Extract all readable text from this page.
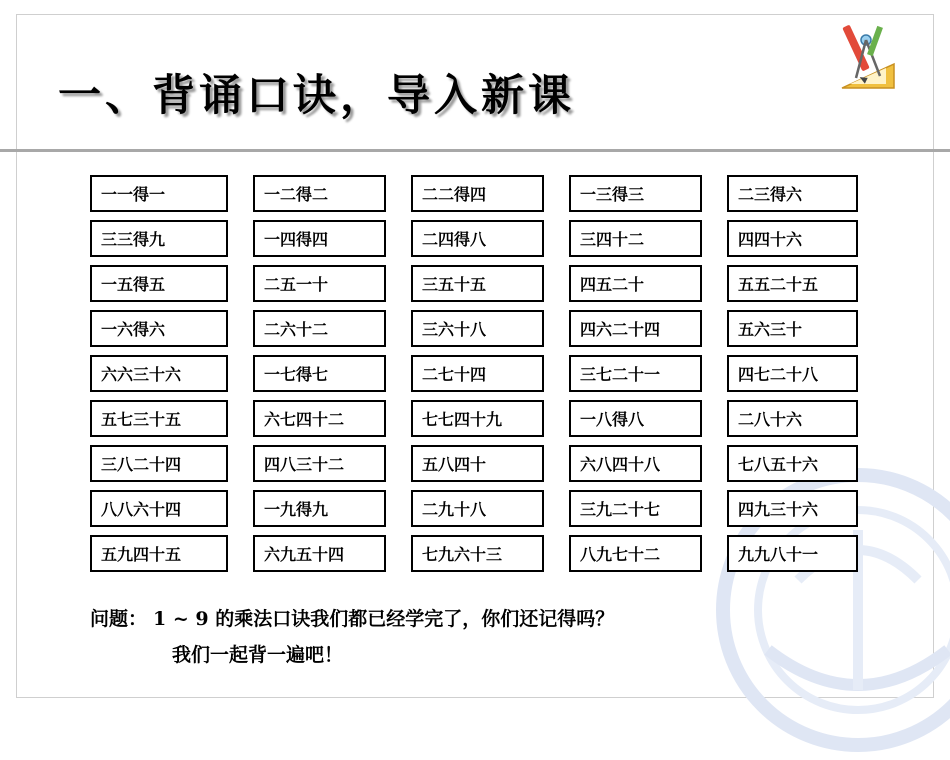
一、背诵口诀，导入新课
一一得一	一二得二	二二得四	一三得三	二三得六
三三得九	一四得四	二四得八	三四十二	四四十六
一五得五	二五一十	三五十五	四五二十	五五二十五
一六得六	二六十二	三六十八	四六二十四	五六三十
六六三十六	一七得七	二七十四	三七二十一	四七二十八
五七三十五	六七四十二	七七四十九	一八得八	二八十六
三八二十四	四八三十二	五八四十	六八四十八	七八五十六
八八六十四	一九得九	二九十八	三九二十七	四九三十六
五九四十五	六九五十四	七九六十三	八九七十二	九九八十一
问题： 1 ~ 9 的乘法口诀我们都已经学完了，你们还记得吗？
我们一起背一遍吧！
